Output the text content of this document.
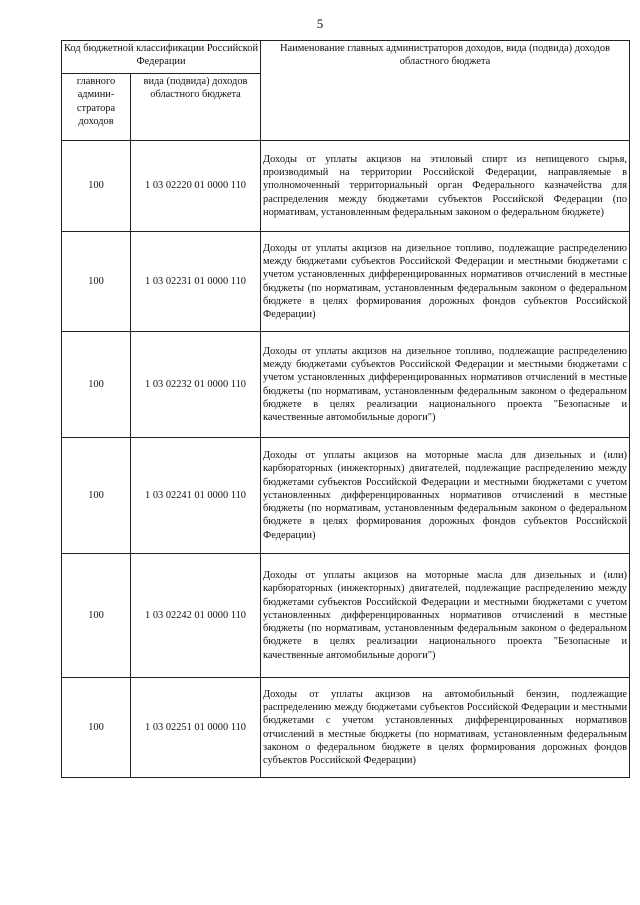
5
Код бюджетной классификации Российской Федерации		Наименование главных администраторов доходов, вида (подвида) доходов областного бюджета
главного админи-стратора доходов	вида (подвида) доходов областного бюджета	
100	1 03 02220 01 0000 110	Доходы от уплаты акцизов на этиловый спирт из непищевого сырья, производимый на территории Российской Федерации, направляемые в уполномоченный территориальный орган Федерального казначейства для распределения между бюджетами субъектов Российской Федерации (по нормативам, установленным федеральным законом о федеральном бюджете)
100	1 03 02231 01 0000 110	Доходы от уплаты акцизов на дизельное топливо, подлежащие распределению между бюджетами субъектов Российской Федерации и местными бюджетами с учетом установленных дифференцированных нормативов отчислений в местные бюджеты (по нормативам, установленным федеральным законом о федеральном бюджете в целях формирования дорожных фондов субъектов Российской Федерации)
100	1 03 02232 01 0000 110	Доходы от уплаты акцизов на дизельное топливо, подлежащие распределению между бюджетами субъектов Российской Федерации и местными бюджетами с учетом установленных дифференцированных нормативов отчислений в местные бюджеты (по нормативам, установленным федеральным законом о федеральном бюджете в целях реализации национального проекта "Безопасные и качественные автомобильные дороги")
100	1 03 02241 01 0000 110	Доходы от уплаты акцизов на моторные масла для дизельных и (или) карбюраторных (инжекторных) двигателей, подлежащие распределению между бюджетами субъектов Российской Федерации и местными бюджетами с учетом установленных дифференцированных нормативов отчислений в местные бюджеты (по нормативам, установленным федеральным законом о федеральном бюджете в целях формирования дорожных фондов субъектов Российской Федерации)
100	1 03 02242 01 0000 110	Доходы от уплаты акцизов на моторные масла для дизельных и (или) карбюраторных (инжекторных) двигателей, подлежащие распределению между бюджетами субъектов Российской Федерации и местными бюджетами с учетом установленных дифференцированных нормативов отчислений в местные бюджеты (по нормативам, установленным федеральным законом о федеральном бюджете в целях реализации национального проекта "Безопасные и качественные автомобильные дороги")
100	1 03 02251 01 0000 110	Доходы от уплаты акцизов на автомобильный бензин, подлежащие распределению между бюджетами субъектов Российской Федерации и местными бюджетами с учетом установленных дифференцированных нормативов отчислений в местные бюджеты (по нормативам, установленным федеральным законом о федеральном бюджете в целях формирования дорожных фондов субъектов Российской Федерации)
